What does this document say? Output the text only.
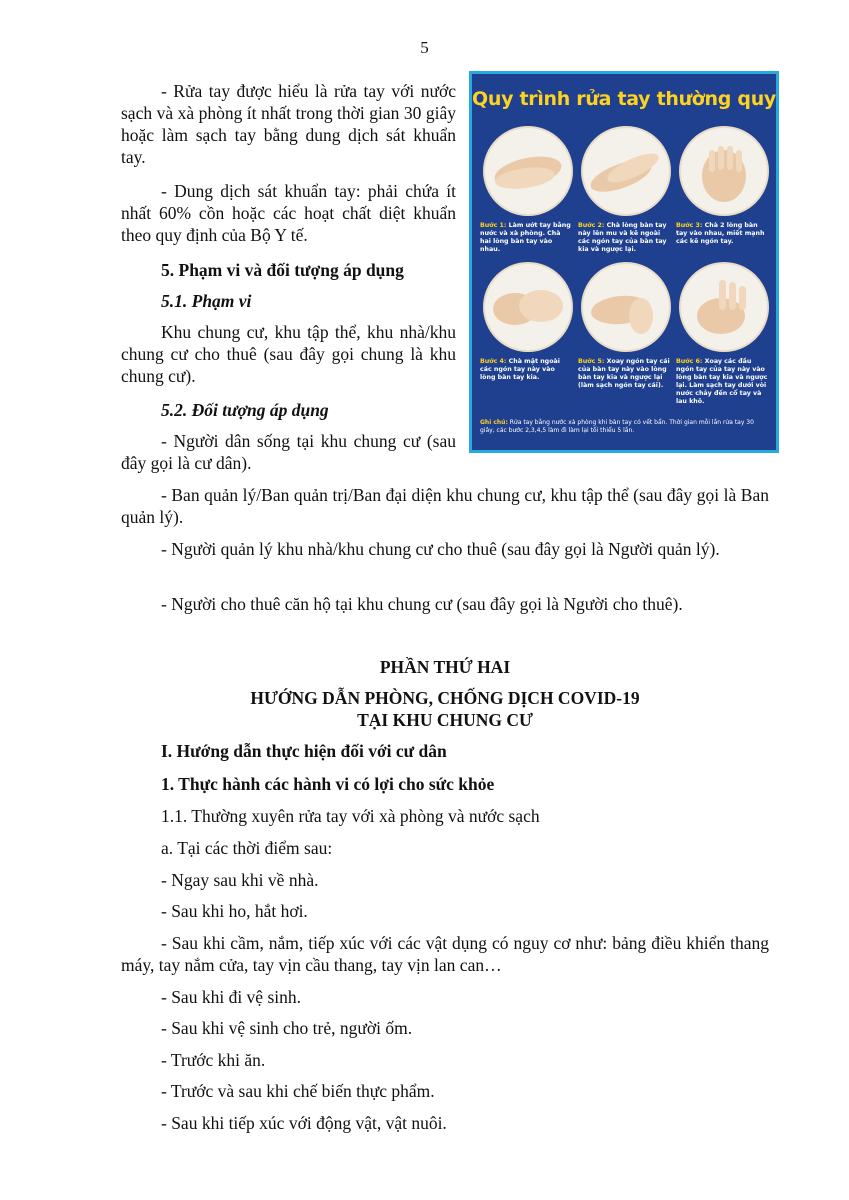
5

- Rửa tay được hiểu là rửa tay với nước sạch và xà phòng ít nhất trong thời gian 30 giây hoặc làm sạch tay bằng dung dịch sát khuẩn tay.

- Dung dịch sát khuẩn tay: phải chứa ít nhất 60% cồn hoặc các hoạt chất diệt khuẩn theo quy định của Bộ Y tế.

5. Phạm vi và đối tượng áp dụng

5.1. Phạm vi

Khu chung cư, khu tập thể, khu nhà/khu chung cư cho thuê (sau đây gọi chung là khu chung cư).

5.2. Đối tượng áp dụng

- Người dân sống tại khu chung cư (sau đây gọi là cư dân).

Quy trình rửa tay thường quy
Bước 1: Làm ướt tay bằng nước và xà phòng. Chà hai lòng bàn tay vào nhau.
Bước 2: Chà lòng bàn tay này lên mu và kẽ ngoài các ngón tay của bàn tay kia và ngược lại.
Bước 3: Chà 2 lòng bàn tay vào nhau, miết mạnh các kẽ ngón tay.
Bước 4: Chà mặt ngoài các ngón tay này vào lòng bàn tay kia.
Bước 5: Xoay ngón tay cái của bàn tay này vào lòng bàn tay kia và ngược lại (làm sạch ngón tay cái).
Bước 6: Xoay các đầu ngón tay của tay này vào lòng bàn tay kia và ngược lại. Làm sạch tay dưới vòi nước chảy đến cổ tay và lau khô.
Ghi chú: Rửa tay bằng nước xà phòng khi bàn tay có vết bẩn. Thời gian mỗi lần rửa tay 30 giây, các bước 2,3,4,5 làm đi làm lại tối thiểu 5 lần.

- Ban quản lý/Ban quản trị/Ban đại diện khu chung cư, khu tập thể (sau đây gọi là Ban quản lý).

- Người quản lý khu nhà/khu chung cư cho thuê (sau đây gọi là Người quản lý).

- Người cho thuê căn hộ tại khu chung cư (sau đây gọi là Người cho thuê).

PHẦN THỨ HAI

HƯỚNG DẪN PHÒNG, CHỐNG DỊCH COVID-19

TẠI KHU CHUNG CƯ

I. Hướng dẫn thực hiện đối với cư dân

1. Thực hành các hành vi có lợi cho sức khỏe

1.1. Thường xuyên rửa tay với xà phòng và nước sạch

a. Tại các thời điểm sau:

- Ngay sau khi về nhà.

- Sau khi ho, hắt hơi.

- Sau khi cầm, nắm, tiếp xúc với các vật dụng có nguy cơ như: bảng điều khiển thang máy, tay nắm cửa, tay vịn cầu thang, tay vịn lan can…

- Sau khi đi vệ sinh.

- Sau khi vệ sinh cho trẻ, người ốm.

- Trước khi ăn.

- Trước và sau khi chế biến thực phẩm.

- Sau khi tiếp xúc với động vật, vật nuôi.
